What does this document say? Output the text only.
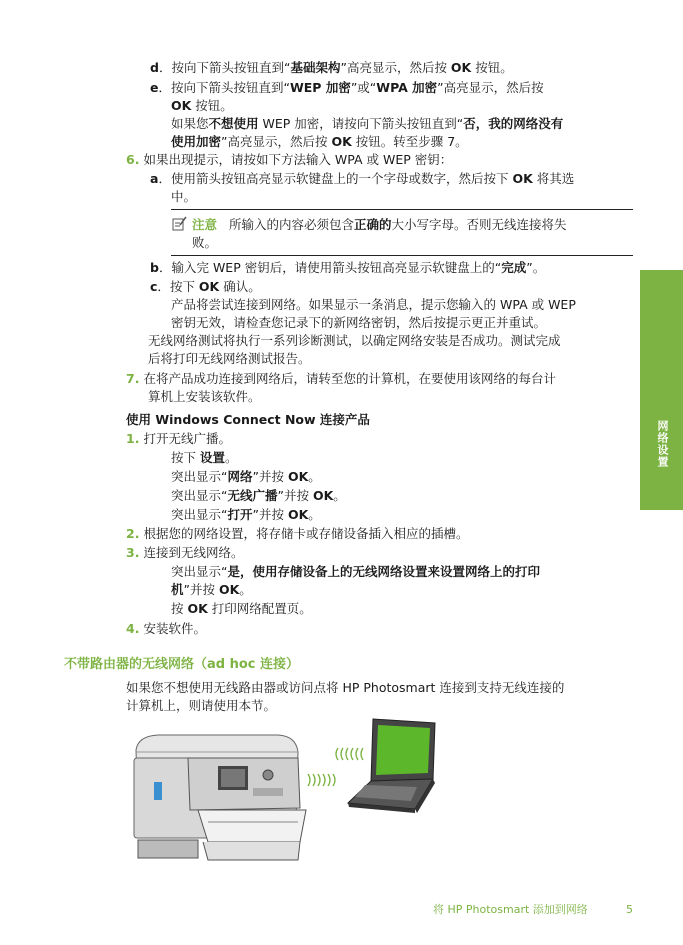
网络设置
d．按向下箭头按钮直到“基础架构”高亮显示，然后按 OK 按钮。
e．按向下箭头按钮直到“WEP 加密”或“WPA 加密”高亮显示，然后按
OK 按钮。
如果您不想使用 WEP 加密，请按向下箭头按钮直到“否，我的网络没有
使用加密”高亮显示，然后按 OK 按钮。转至步骤 7。
6. 如果出现提示，请按如下方法输入 WPA 或 WEP 密钥：
a．使用箭头按钮高亮显示软键盘上的一个字母或数字，然后按下 OK 将其选
中。
注意 所输入的内容必须包含正确的大小写字母。否则无线连接将失
败。
b．输入完 WEP 密钥后，请使用箭头按钮高亮显示软键盘上的“完成”。
c．按下 OK 确认。
产品将尝试连接到网络。如果显示一条消息，提示您输入的 WPA 或 WEP
密钥无效，请检查您记录下的新网络密钥，然后按提示更正并重试。
无线网络测试将执行一系列诊断测试，以确定网络安装是否成功。测试完成
后将打印无线网络测试报告。
7. 在将产品成功连接到网络后，请转至您的计算机，在要使用该网络的每台计
算机上安装该软件。
使用 Windows Connect Now 连接产品
1. 打开无线广播。
按下 设置。
突出显示“网络”并按 OK。
突出显示“无线广播”并按 OK。
突出显示“打开”并按 OK。
2. 根据您的网络设置，将存储卡或存储设备插入相应的插槽。
3. 连接到无线网络。
突出显示“是，使用存储设备上的无线网络设置来设置网络上的打印
机”并按 OK。
按 OK 打印网络配置页。
4. 安装软件。
不带路由器的无线网络（ad hoc 连接）
如果您不想使用无线路由器或访问点将 HP Photosmart 连接到支持无线连接的
计算机上，则请使用本节。
将 HP Photosmart 添加到网络	5
